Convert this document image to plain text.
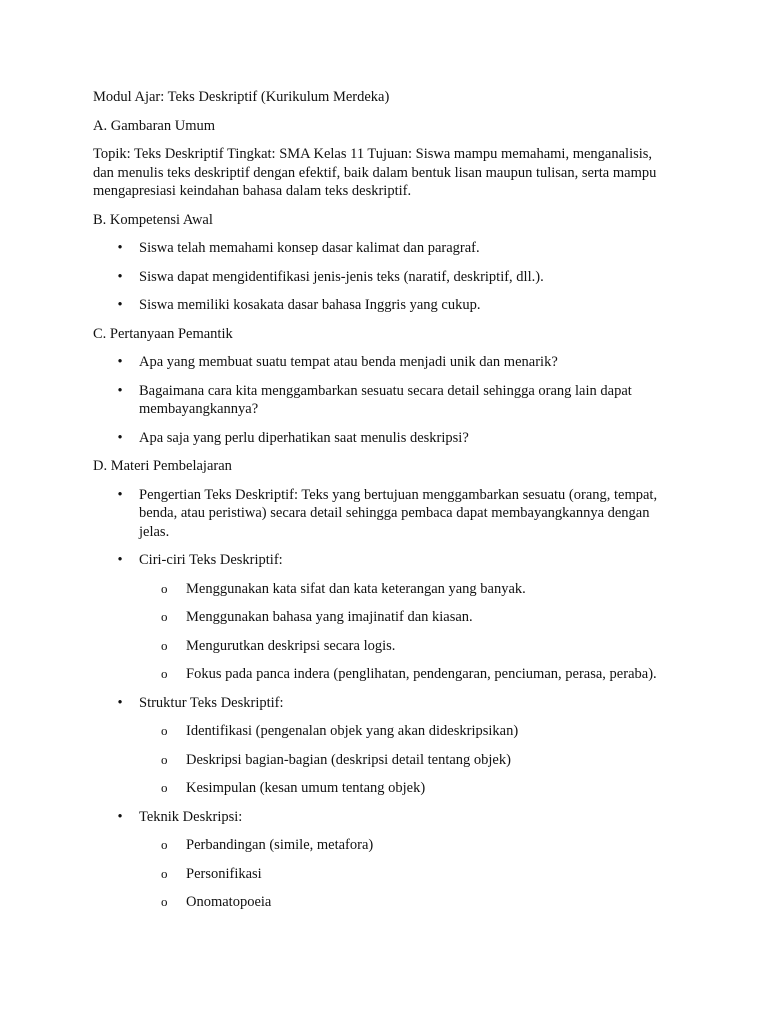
Modul Ajar: Teks Deskriptif (Kurikulum Merdeka)

A. Gambaran Umum

Topik: Teks Deskriptif Tingkat: SMA Kelas 11 Tujuan: Siswa mampu memahami, menganalisis, dan menulis teks deskriptif dengan efektif, baik dalam bentuk lisan maupun tulisan, serta mampu mengapresiasi keindahan bahasa dalam teks deskriptif.

B. Kompetensi Awal

• Siswa telah memahami konsep dasar kalimat dan paragraf.
• Siswa dapat mengidentifikasi jenis-jenis teks (naratif, deskriptif, dll.).
• Siswa memiliki kosakata dasar bahasa Inggris yang cukup.

C. Pertanyaan Pemantik

• Apa yang membuat suatu tempat atau benda menjadi unik dan menarik?
• Bagaimana cara kita menggambarkan sesuatu secara detail sehingga orang lain dapat membayangkannya?
• Apa saja yang perlu diperhatikan saat menulis deskripsi?

D. Materi Pembelajaran

• Pengertian Teks Deskriptif: Teks yang bertujuan menggambarkan sesuatu (orang, tempat, benda, atau peristiwa) secara detail sehingga pembaca dapat membayangkannya dengan jelas.
• Ciri-ciri Teks Deskriptif:
o Menggunakan kata sifat dan kata keterangan yang banyak.
o Menggunakan bahasa yang imajinatif dan kiasan.
o Mengurutkan deskripsi secara logis.
o Fokus pada panca indera (penglihatan, pendengaran, penciuman, perasa, peraba).
• Struktur Teks Deskriptif:
o Identifikasi (pengenalan objek yang akan dideskripsikan)
o Deskripsi bagian-bagian (deskripsi detail tentang objek)
o Kesimpulan (kesan umum tentang objek)
• Teknik Deskripsi:
o Perbandingan (simile, metafora)
o Personifikasi
o Onomatopoeia
